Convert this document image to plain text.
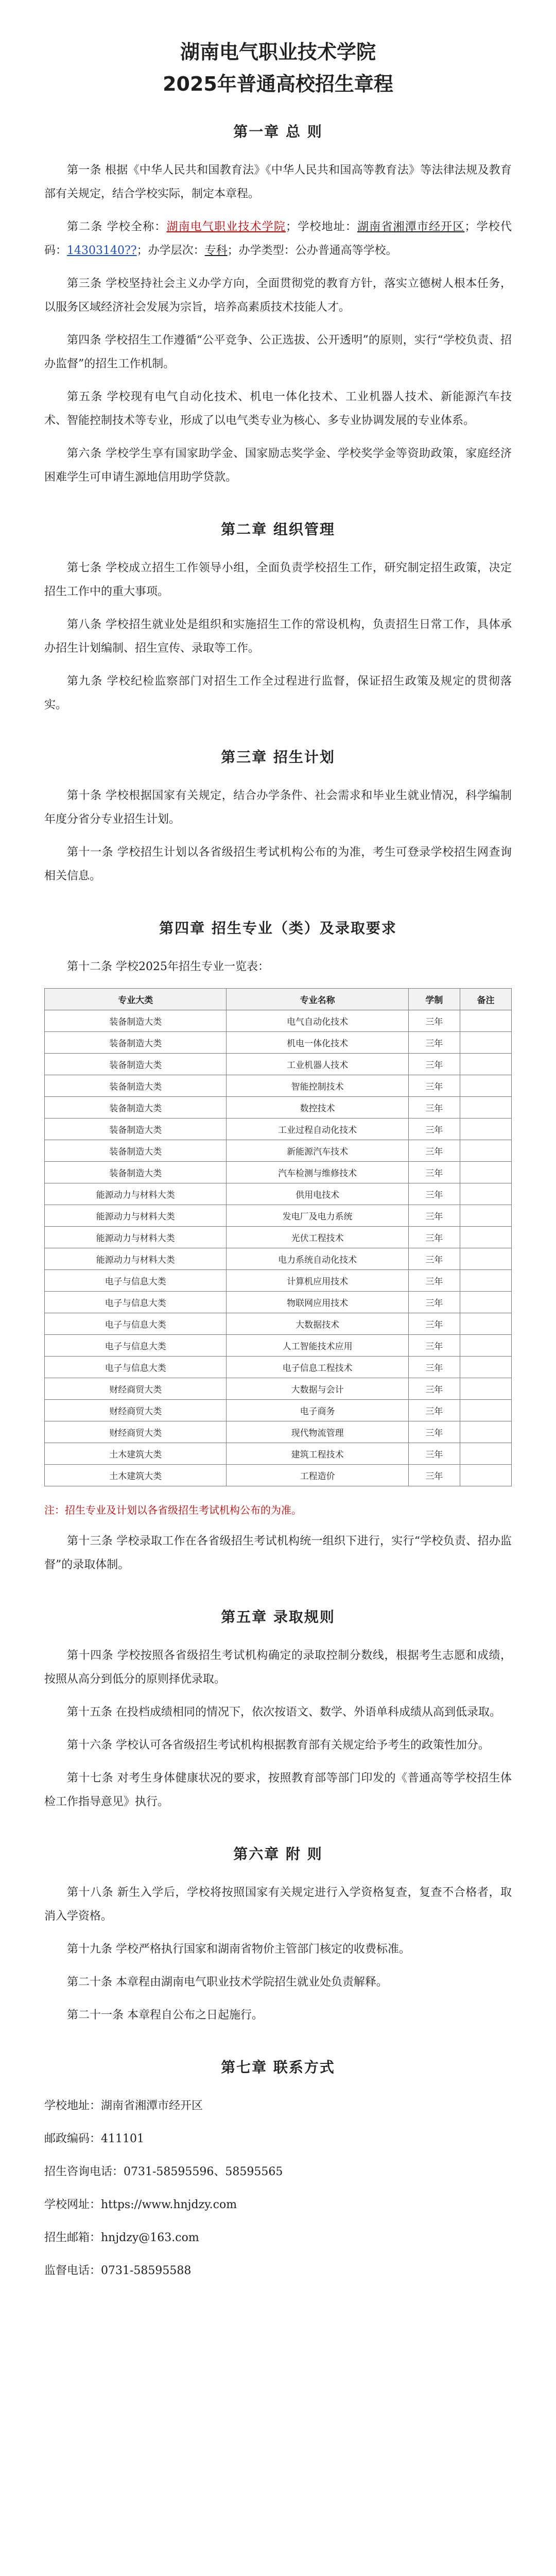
湖南电气职业技术学院
2025年普通高校招生章程
第一章 总 则

第一条 根据《中华人民共和国教育法》《中华人民共和国高等教育法》等法律法规及教育部有关规定，结合学校实际，制定本章程。

第二条 学校全称：湖南电气职业技术学院；学校地址：湖南省湘潭市经开区；学校代码：14303140??；办学层次：专科；办学类型：公办普通高等学校。

第三条 学校坚持社会主义办学方向，全面贯彻党的教育方针，落实立德树人根本任务，以服务区域经济社会发展为宗旨，培养高素质技术技能人才。

第四条 学校招生工作遵循“公平竞争、公正选拔、公开透明”的原则，实行“学校负责、招办监督”的招生工作机制。

第五条 学校现有电气自动化技术、机电一体化技术、工业机器人技术、新能源汽车技术、智能控制技术等专业，形成了以电气类专业为核心、多专业协调发展的专业体系。

第六条 学校学生享有国家助学金、国家励志奖学金、学校奖学金等资助政策，家庭经济困难学生可申请生源地信用助学贷款。

第二章 组织管理

第七条 学校成立招生工作领导小组，全面负责学校招生工作，研究制定招生政策，决定招生工作中的重大事项。

第八条 学校招生就业处是组织和实施招生工作的常设机构，负责招生日常工作，具体承办招生计划编制、招生宣传、录取等工作。

第九条 学校纪检监察部门对招生工作全过程进行监督，保证招生政策及规定的贯彻落实。

第三章 招生计划

第十条 学校根据国家有关规定，结合办学条件、社会需求和毕业生就业情况，科学编制年度分省分专业招生计划。

第十一条 学校招生计划以各省级招生考试机构公布的为准，考生可登录学校招生网查询相关信息。

第四章 招生专业（类）及录取要求

第十二条 学校2025年招生专业一览表：

专业大类	专业名称	学制	备注
装备制造大类	电气自动化技术	三年	
装备制造大类	机电一体化技术	三年	
装备制造大类	工业机器人技术	三年	
装备制造大类	智能控制技术	三年	
装备制造大类	数控技术	三年	
装备制造大类	工业过程自动化技术	三年	
装备制造大类	新能源汽车技术	三年	
装备制造大类	汽车检测与维修技术	三年	
能源动力与材料大类	供用电技术	三年	
能源动力与材料大类	发电厂及电力系统	三年	
能源动力与材料大类	光伏工程技术	三年	
能源动力与材料大类	电力系统自动化技术	三年	
电子与信息大类	计算机应用技术	三年	
电子与信息大类	物联网应用技术	三年	
电子与信息大类	大数据技术	三年	
电子与信息大类	人工智能技术应用	三年	
电子与信息大类	电子信息工程技术	三年	
财经商贸大类	大数据与会计	三年	
财经商贸大类	电子商务	三年	
财经商贸大类	现代物流管理	三年	
土木建筑大类	建筑工程技术	三年	
土木建筑大类	工程造价	三年	

注：招生专业及计划以各省级招生考试机构公布的为准。

第十三条 学校录取工作在各省级招生考试机构统一组织下进行，实行“学校负责、招办监督”的录取体制。

第五章 录取规则

第十四条 学校按照各省级招生考试机构确定的录取控制分数线，根据考生志愿和成绩，按照从高分到低分的原则择优录取。

第十五条 在投档成绩相同的情况下，依次按语文、数学、外语单科成绩从高到低录取。

第十六条 学校认可各省级招生考试机构根据教育部有关规定给予考生的政策性加分。

第十七条 对考生身体健康状况的要求，按照教育部等部门印发的《普通高等学校招生体检工作指导意见》执行。

第六章 附 则

第十八条 新生入学后，学校将按照国家有关规定进行入学资格复查，复查不合格者，取消入学资格。

第十九条 学校严格执行国家和湖南省物价主管部门核定的收费标准。

第二十条 本章程由湖南电气职业技术学院招生就业处负责解释。

第二十一条 本章程自公布之日起施行。

第七章 联系方式

学校地址：湖南省湘潭市经开区

邮政编码：411101

招生咨询电话：0731-58595596、58595565

学校网址：https://www.hnjdzy.com

招生邮箱：hnjdzy@163.com

监督电话：0731-58595588
